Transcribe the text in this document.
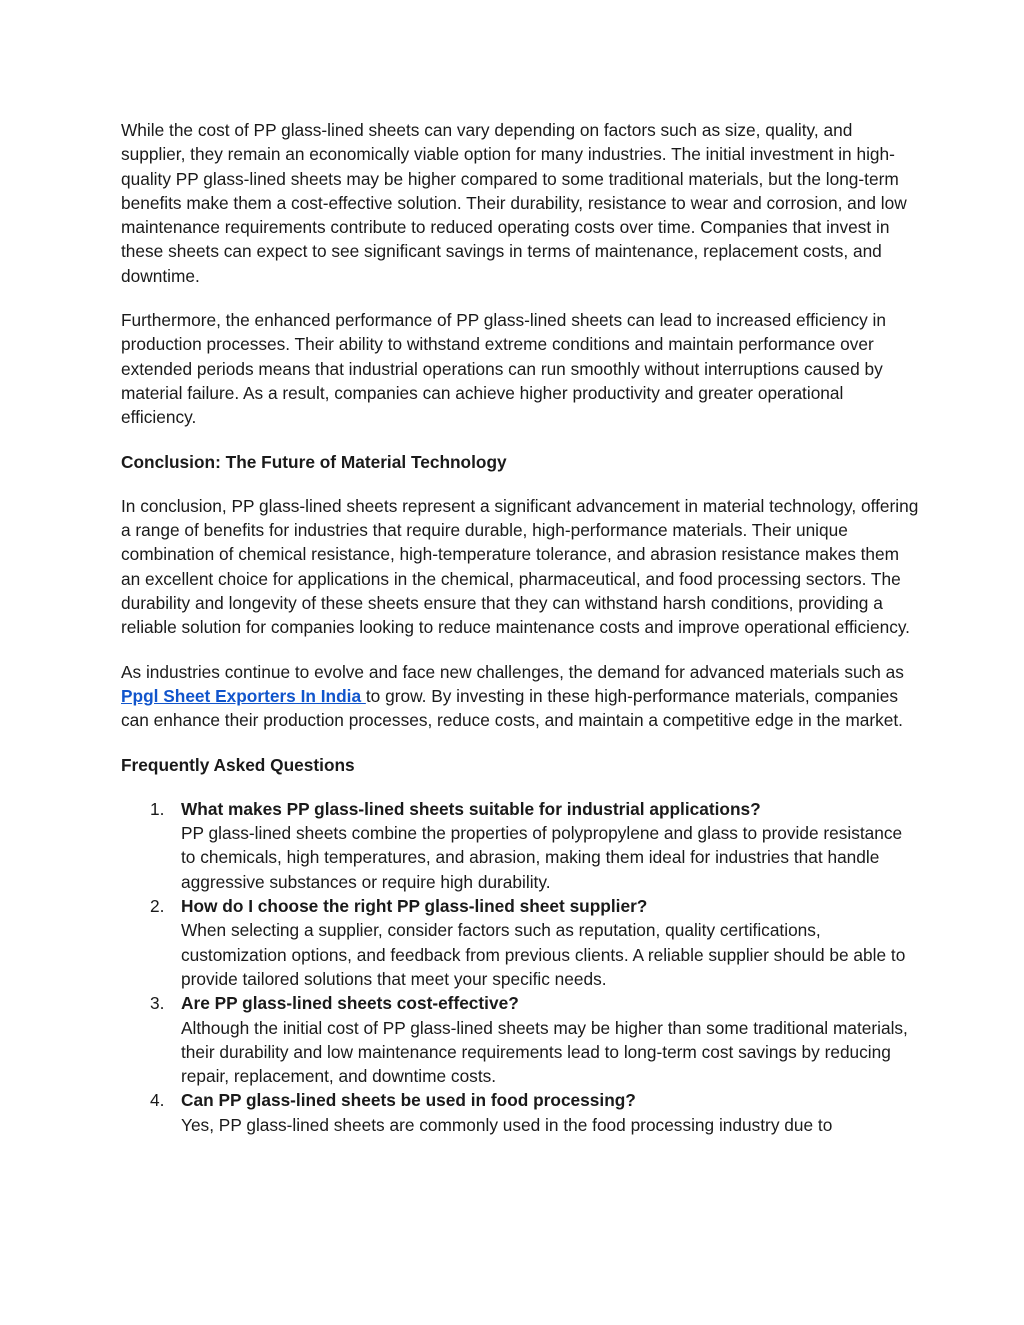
While the cost of PP glass-lined sheets can vary depending on factors such as size, quality, and supplier, they remain an economically viable option for many industries. The initial investment in high-quality PP glass-lined sheets may be higher compared to some traditional materials, but the long-term benefits make them a cost-effective solution. Their durability, resistance to wear and corrosion, and low maintenance requirements contribute to reduced operating costs over time. Companies that invest in these sheets can expect to see significant savings in terms of maintenance, replacement costs, and downtime.

Furthermore, the enhanced performance of PP glass-lined sheets can lead to increased efficiency in production processes. Their ability to withstand extreme conditions and maintain performance over extended periods means that industrial operations can run smoothly without interruptions caused by material failure. As a result, companies can achieve higher productivity and greater operational efficiency.

Conclusion: The Future of Material Technology

In conclusion, PP glass-lined sheets represent a significant advancement in material technology, offering a range of benefits for industries that require durable, high-performance materials. Their unique combination of chemical resistance, high-temperature tolerance, and abrasion resistance makes them an excellent choice for applications in the chemical, pharmaceutical, and food processing sectors. The durability and longevity of these sheets ensure that they can withstand harsh conditions, providing a reliable solution for companies looking to reduce maintenance costs and improve operational efficiency.

As industries continue to evolve and face new challenges, the demand for advanced materials such as Ppgl Sheet Exporters In India to grow. By investing in these high-performance materials, companies can enhance their production processes, reduce costs, and maintain a competitive edge in the market.

Frequently Asked Questions
1. What makes PP glass-lined sheets suitable for industrial applications?
PP glass-lined sheets combine the properties of polypropylene and glass to provide resistance to chemicals, high temperatures, and abrasion, making them ideal for industries that handle aggressive substances or require high durability.
2. How do I choose the right PP glass-lined sheet supplier?
When selecting a supplier, consider factors such as reputation, quality certifications, customization options, and feedback from previous clients. A reliable supplier should be able to provide tailored solutions that meet your specific needs.
3. Are PP glass-lined sheets cost-effective?
Although the initial cost of PP glass-lined sheets may be higher than some traditional materials, their durability and low maintenance requirements lead to long-term cost savings by reducing repair, replacement, and downtime costs.
4. Can PP glass-lined sheets be used in food processing?
Yes, PP glass-lined sheets are commonly used in the food processing industry due to
